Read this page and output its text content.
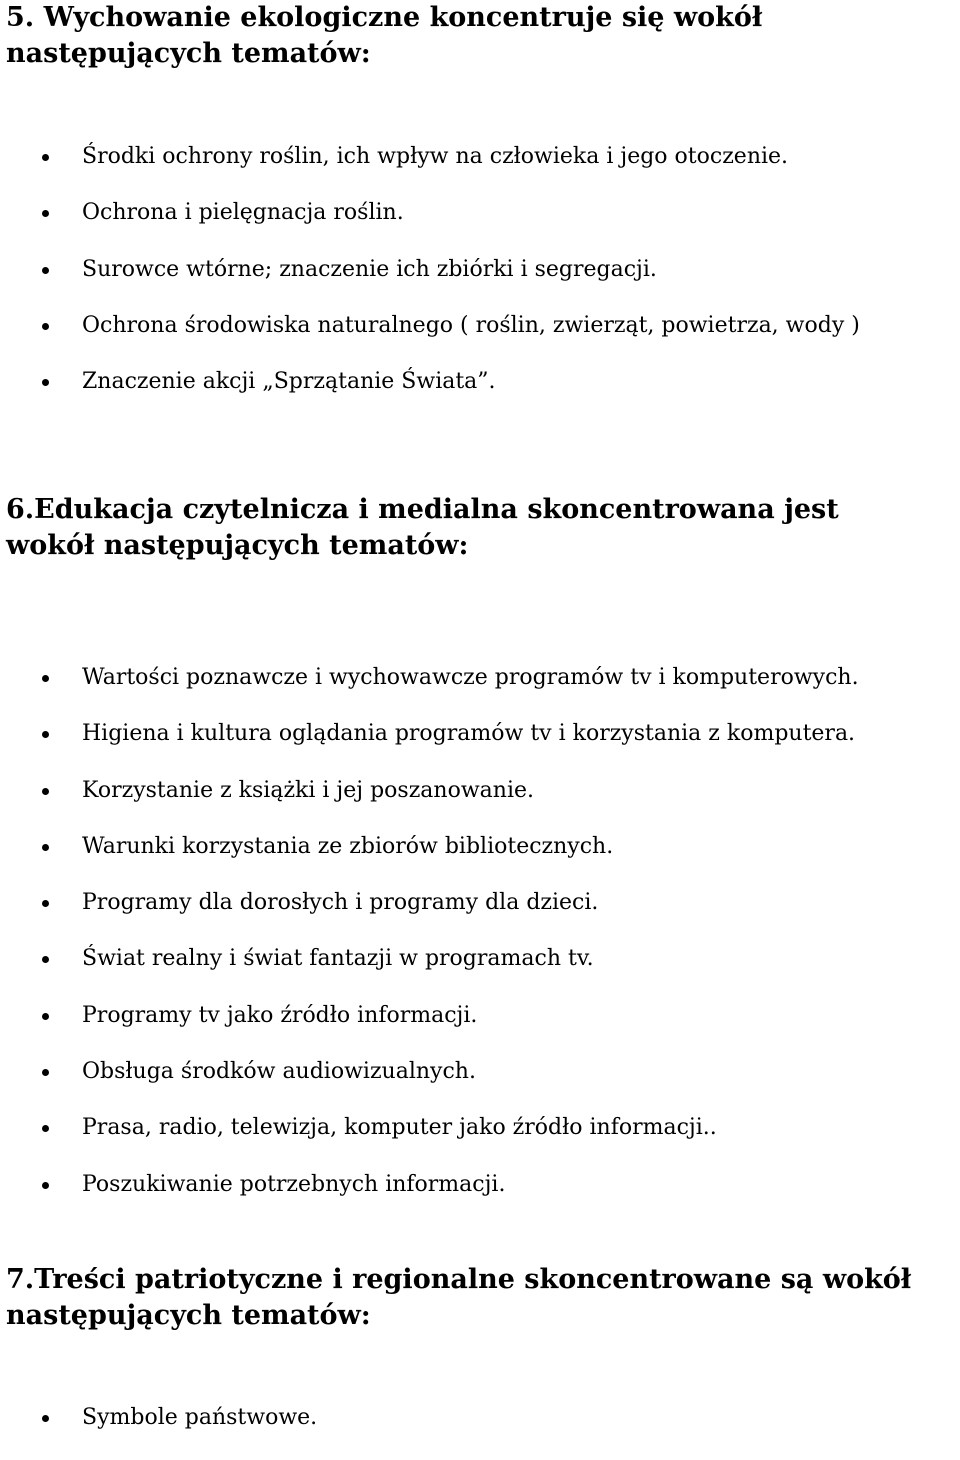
5. Wychowanie ekologiczne koncentruje się wokół
następujących tematów:
Środki ochrony roślin, ich wpływ na człowieka i jego otoczenie.
Ochrona i pielęgnacja roślin.
Surowce wtórne; znaczenie ich zbiórki i segregacji.
Ochrona środowiska naturalnego ( roślin, zwierząt, powietrza, wody )
Znaczenie akcji „Sprzątanie Świata”.
6.Edukacja czytelnicza i medialna skoncentrowana jest
wokół następujących tematów:
Wartości poznawcze i wychowawcze programów tv i komputerowych.
Higiena i kultura oglądania programów tv i korzystania z komputera.
Korzystanie z książki i jej poszanowanie.
Warunki korzystania ze zbiorów bibliotecznych.
Programy dla dorosłych i programy dla dzieci.
Świat realny i świat fantazji w programach tv.
Programy tv jako źródło informacji.
Obsługa środków audiowizualnych.
Prasa, radio, telewizja, komputer jako źródło informacji..
Poszukiwanie potrzebnych informacji.
7.Treści patriotyczne i regionalne skoncentrowane są wokół
następujących tematów:
Symbole państwowe.
